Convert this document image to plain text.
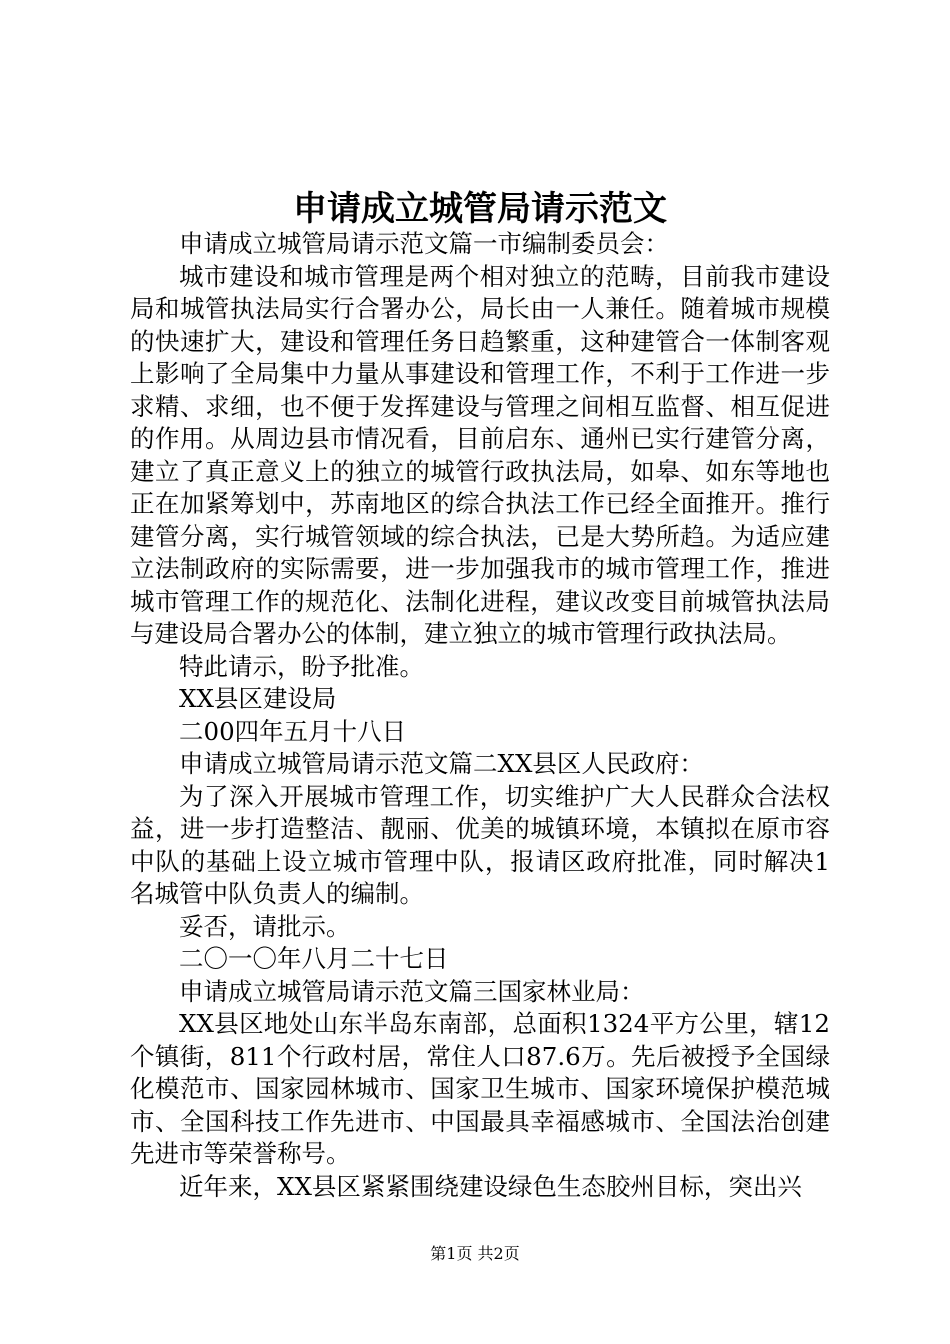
申请成立城管局请示范文

申请成立城管局请示范文篇一市编制委员会：

城市建设和城市管理是两个相对独立的范畴，目前我市建设局和城管执法局实行合署办公，局长由一人兼任。随着城市规模的快速扩大，建设和管理任务日趋繁重，这种建管合一体制客观上影响了全局集中力量从事建设和管理工作，不利于工作进一步求精、求细，也不便于发挥建设与管理之间相互监督、相互促进的作用。从周边县市情况看，目前启东、通州已实行建管分离，建立了真正意义上的独立的城管行政执法局，如皋、如东等地也正在加紧筹划中，苏南地区的综合执法工作已经全面推开。推行建管分离，实行城管领域的综合执法，已是大势所趋。为适应建立法制政府的实际需要，进一步加强我市的城市管理工作，推进城市管理工作的规范化、法制化进程，建议改变目前城管执法局与建设局合署办公的体制，建立独立的城市管理行政执法局。

特此请示，盼予批准。

XX县区建设局

二00四年五月十八日

申请成立城管局请示范文篇二XX县区人民政府：

为了深入开展城市管理工作，切实维护广大人民群众合法权益，进一步打造整洁、靓丽、优美的城镇环境，本镇拟在原市容中队的基础上设立城市管理中队，报请区政府批准，同时解决1名城管中队负责人的编制。

妥否，请批示。

二〇一〇年八月二十七日

申请成立城管局请示范文篇三国家林业局：

XX县区地处山东半岛东南部，总面积1324平方公里，辖12个镇街，811个行政村居，常住人口87.6万。先后被授予全国绿化模范市、国家园林城市、国家卫生城市、国家环境保护模范城市、全国科技工作先进市、中国最具幸福感城市、全国法治创建先进市等荣誉称号。

近年来，XX县区紧紧围绕建设绿色生态胶州目标，突出兴

第1页 共2页
